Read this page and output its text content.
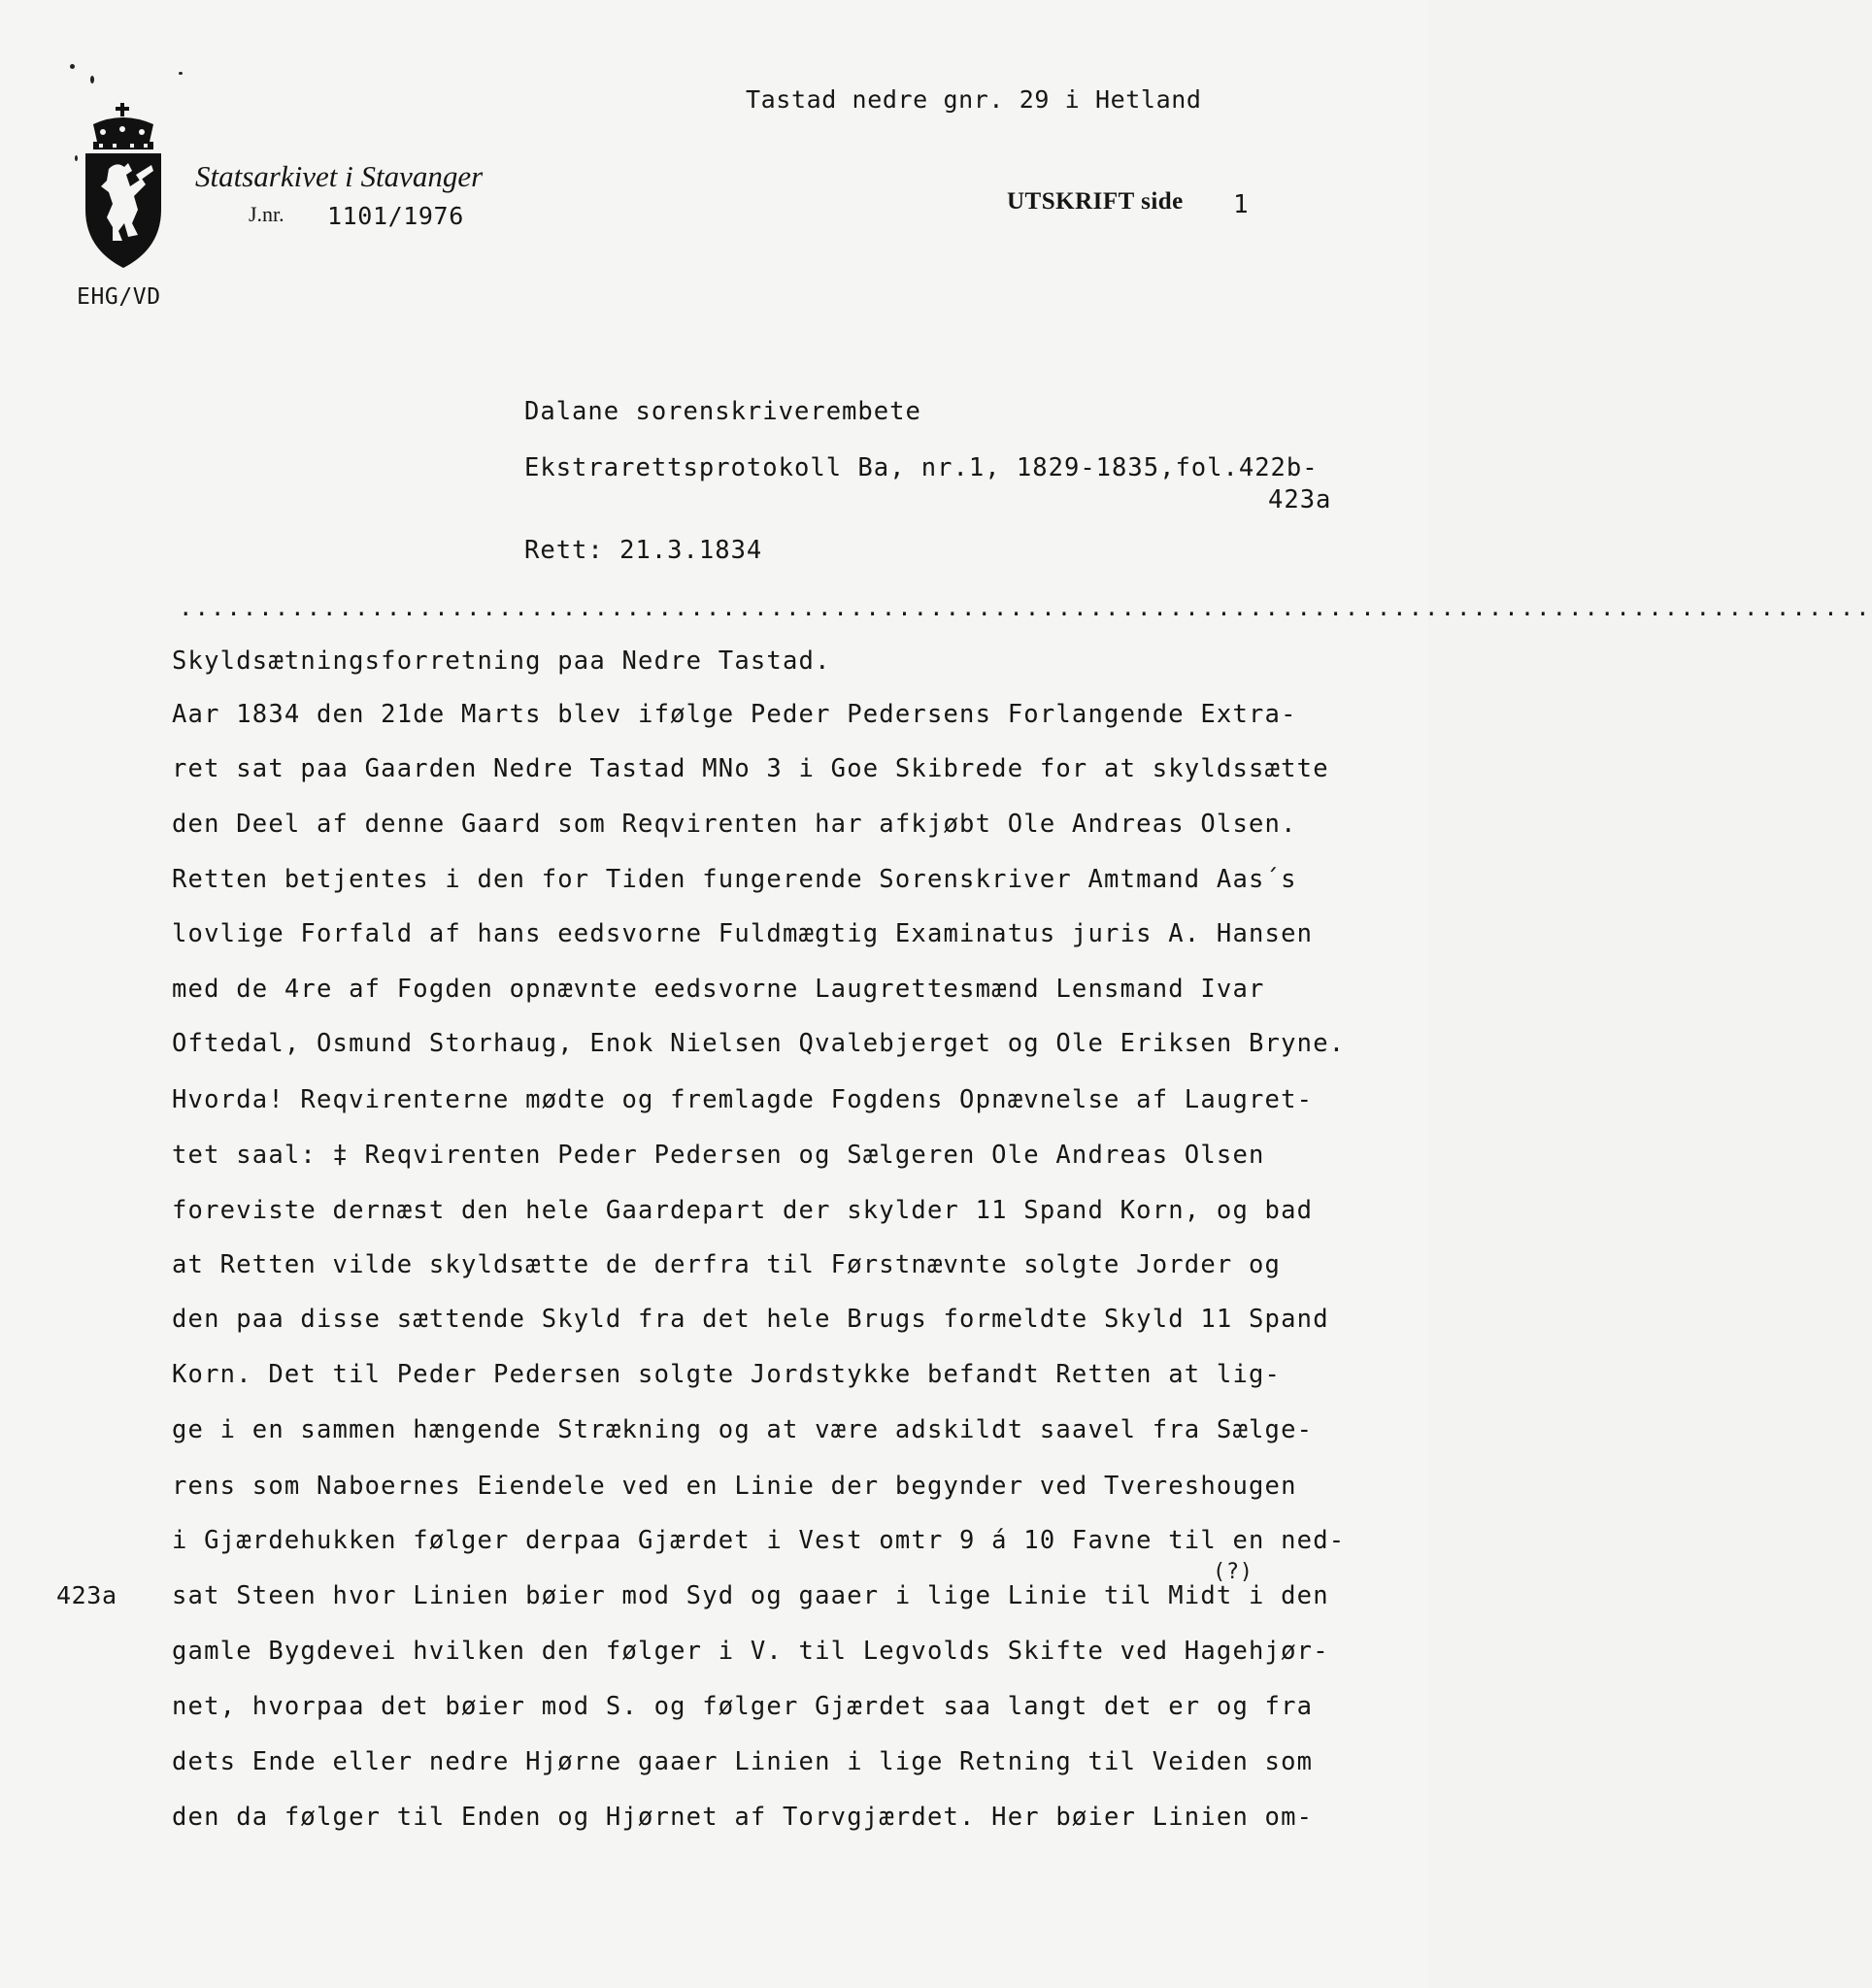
Tastad nedre gnr. 29 i Hetland
Statsarkivet i Stavanger
J.nr. 1101/1976
UTSKRIFT side 1
EHG/VD
Dalane sorenskriverembete
Ekstrarettsprotokoll Ba, nr.1, 1829-1835,fol.422b-
423a
Rett: 21.3.1834
..........................................................................................................
423a
(?)
Skyldsætningsforretning paa Nedre Tastad.
Aar 1834 den 21de Marts blev ifølge Peder Pedersens Forlangende Extra-
ret sat paa Gaarden Nedre Tastad MNo 3 i Goe Skibrede for at skyldssætte
den Deel af denne Gaard som Reqvirenten har afkjøbt Ole Andreas Olsen.
Retten betjentes i den for Tiden fungerende Sorenskriver Amtmand Aas´s
lovlige Forfald af hans eedsvorne Fuldmægtig Examinatus juris A. Hansen
med de 4re af Fogden opnævnte eedsvorne Laugrettesmænd Lensmand Ivar
Oftedal, Osmund Storhaug, Enok Nielsen Qvalebjerget og Ole Eriksen Bryne.
Hvorda! Reqvirenterne mødte og fremlagde Fogdens Opnævnelse af Laugret-
tet saal: ‡ Reqvirenten Peder Pedersen og Sælgeren Ole Andreas Olsen
foreviste dernæst den hele Gaardepart der skylder 11 Spand Korn, og bad
at Retten vilde skyldsætte de derfra til Førstnævnte solgte Jorder og
den paa disse sættende Skyld fra det hele Brugs formeldte Skyld 11 Spand
Korn. Det til Peder Pedersen solgte Jordstykke befandt Retten at lig-
ge i en sammen hængende Strækning og at være adskildt saavel fra Sælge-
rens som Naboernes Eiendele ved en Linie der begynder ved Tvereshougen
i Gjærdehukken følger derpaa Gjærdet i Vest omtr 9 á 10 Favne til en ned-
sat Steen hvor Linien bøier mod Syd og gaaer i lige Linie til Midt i den
gamle Bygdevei hvilken den følger i V. til Legvolds Skifte ved Hagehjør-
net, hvorpaa det bøier mod S. og følger Gjærdet saa langt det er og fra
dets Ende eller nedre Hjørne gaaer Linien i lige Retning til Veiden som
den da følger til Enden og Hjørnet af Torvgjærdet. Her bøier Linien om-
